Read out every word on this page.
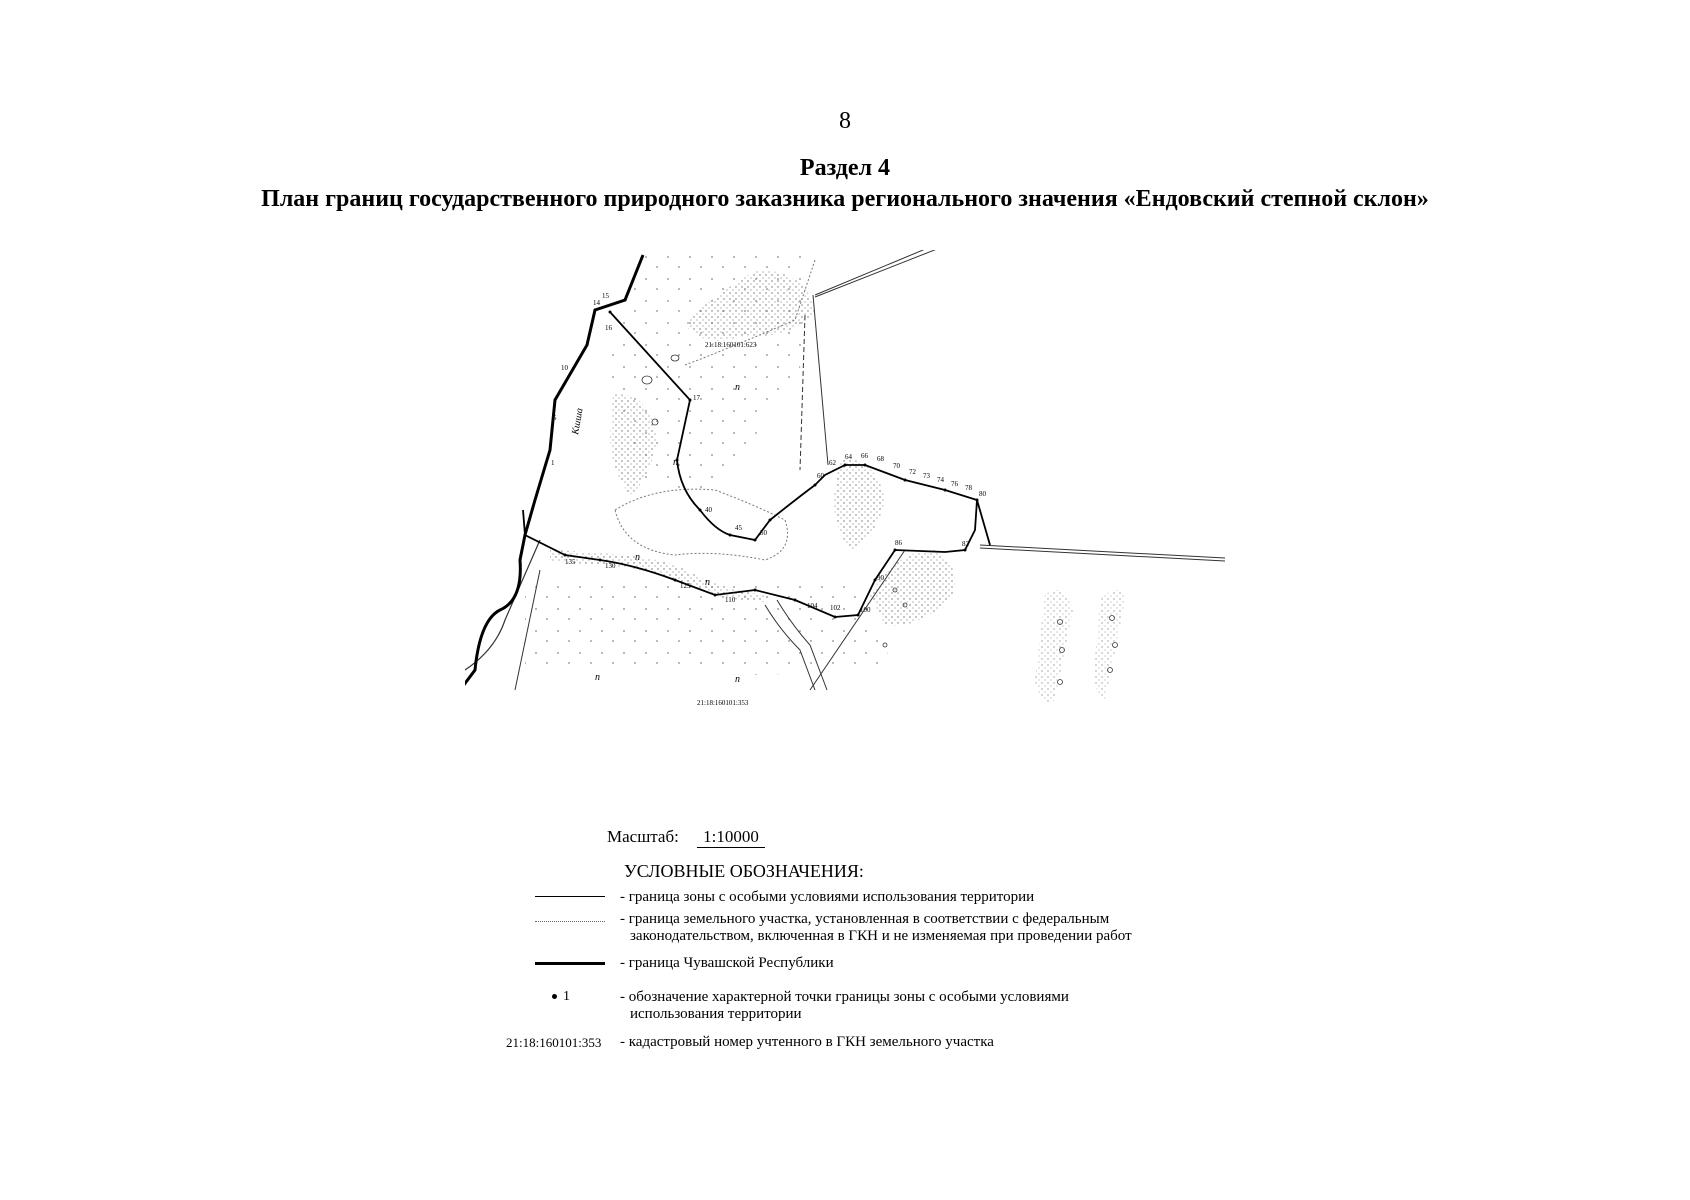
8
Раздел 4
План границ государственного природного заказника регионального значения «Ендовский степной склон»
14
15
16
10
5
1
17
40
45
50
60
62
64 66 68
70
72 73 74 76 78
80
82
86
90
100
102
104
110
125
130
135
п
п
п
п	п
п
21:18:160101:623
21:18:160101:353
Кшша
Масштаб: 1:10000
УСЛОВНЫЕ ОБОЗНАЧЕНИЯ:
- граница зоны с особыми условиями использования территории
- граница земельного участка, установленная в соответствии с федеральным
законодательством, включенная в ГКН и не изменяемая при проведении работ
- граница Чувашской Республики
1	- обозначение характерной точки границы зоны с особыми условиями
использования территории
21:18:160101:353 - кадастровый номер учтенного в ГКН земельного участка
